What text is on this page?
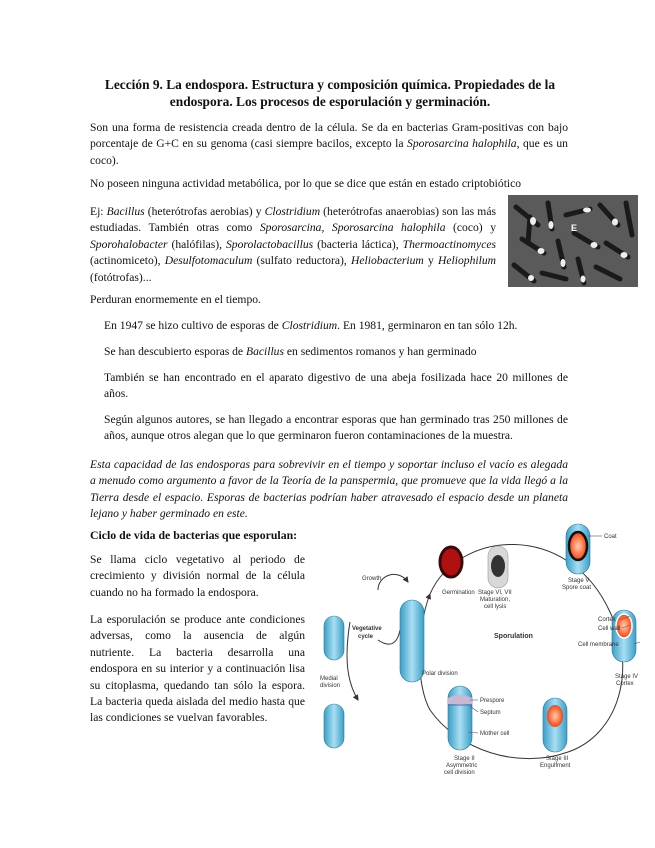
Lección 9. La endospora. Estructura y composición química. Propiedades de la endospora. Los procesos de esporulación y germinación.
Son una forma de resistencia creada dentro de la célula. Se da en bacterias Gram-positivas con bajo porcentaje de G+C en su genoma (casi siempre bacilos, excepto la Sporosarcina halophila, que es un coco).
No poseen ninguna actividad metabólica, por lo que se dice que están en estado criptobiótico
Ej: Bacillus (heterótrofas aerobias) y Clostridium (heterótrofas anaerobias) son las más estudiadas. También otras como Sporosarcina, Sporosarcina halophila (coco) y Sporohalobacter (halófilas), Sporolactobacillus (bacteria láctica), Thermoactinomyces (actinomiceto), Desulfotomaculum (sulfato reductora), Heliobacterium y Heliophilum (fotótrofas)...
E
Perduran enormemente en el tiempo.
En 1947 se hizo cultivo de esporas de Clostridium. En 1981, germinaron en tan sólo 12h.
Se han descubierto esporas de Bacillus en sedimentos romanos y han germinado
También se han encontrado en el aparato digestivo de una abeja fosilizada hace 20 millones de años.
Según algunos autores, se han llegado a encontrar esporas que han germinado tras 250 millones de años, aunque otros alegan que lo que germinaron fueron contaminaciones de la muestra.
Esta capacidad de las endosporas para sobrevivir en el tiempo y soportar incluso el vacío es alegada a menudo como argumento a favor de la Teoría de la panspermia, que promueve que la vida llegó a la Tierra desde el espacio. Esporas de bacterias podrían haber atravesado el espacio desde un planeta lejano y haber germinado en este.
Ciclo de vida de bacterias que esporulan:
Se llama ciclo vegetativo al periodo de crecimiento y división normal de la célula cuando no ha formado la endospora.
La esporulación se produce ante condiciones adversas, como la ausencia de algún nutriente. La bacteria desarrolla una endospora en su interior y a continuación lisa su citoplasma, quedando tan sólo la espora. La bacteria queda aislada del medio hasta que las condiciones se vuelvan favorables.
Growth
Germination
Vegetative
cycle	Sporulation
Medial
division
Polar division
Prespore
Septum
Mother cell
Stage II
Asymmetric
cell division
Stage III
Engulfment
Stage IV
Cortex
Stage V
Spore coat
Stage VI, VII
Maturation,
cell lysis
Coat
Cortex
Cell wall
Cell membrane
